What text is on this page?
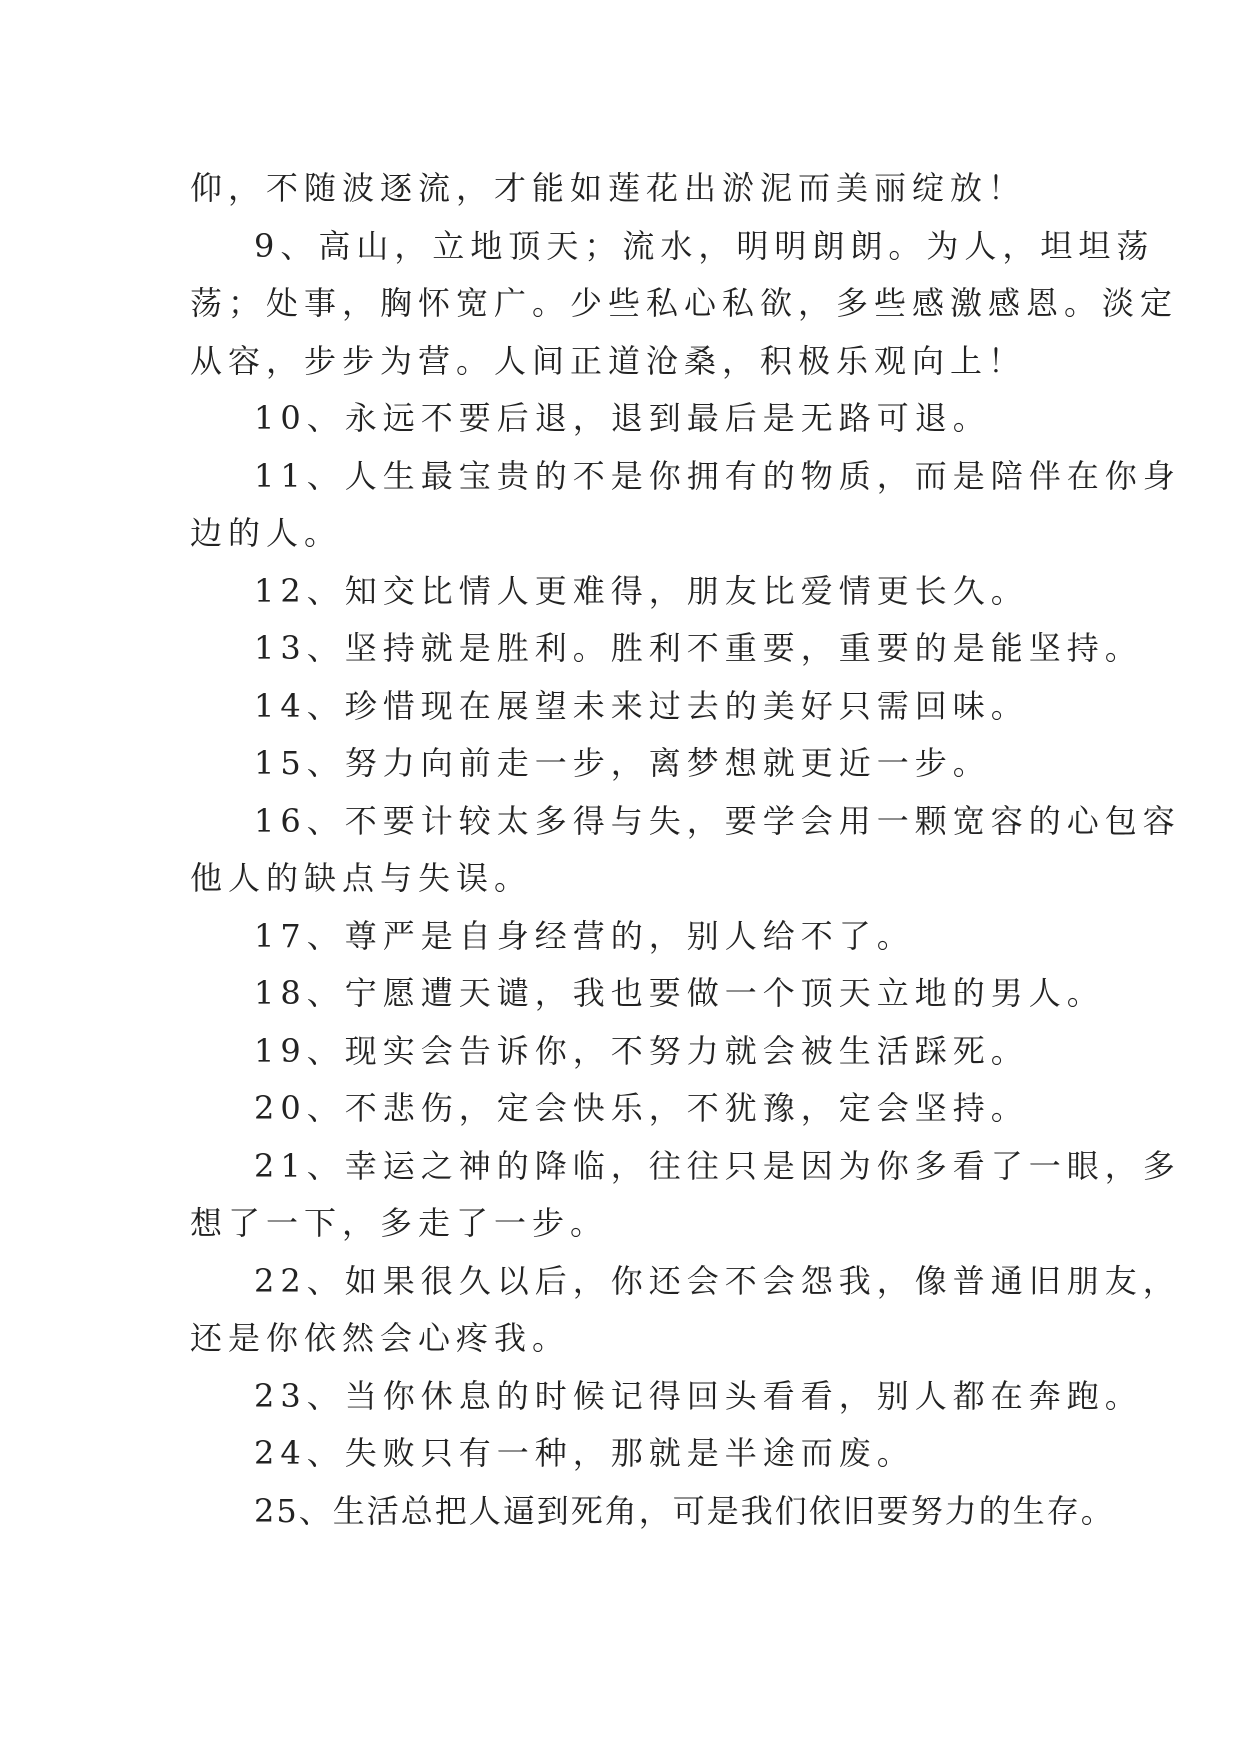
仰，不随波逐流，才能如莲花出淤泥而美丽绽放！
9、高山，立地顶天；流水，明明朗朗。为人，坦坦荡
荡；处事，胸怀宽广。少些私心私欲，多些感激感恩。淡定
从容，步步为营。人间正道沧桑，积极乐观向上！
10、永远不要后退，退到最后是无路可退。
11、人生最宝贵的不是你拥有的物质，而是陪伴在你身
边的人。
12、知交比情人更难得，朋友比爱情更长久。
13、坚持就是胜利。胜利不重要，重要的是能坚持。
14、珍惜现在展望未来过去的美好只需回味。
15、努力向前走一步，离梦想就更近一步。
16、不要计较太多得与失，要学会用一颗宽容的心包容
他人的缺点与失误。
17、尊严是自身经营的，别人给不了。
18、宁愿遭天谴，我也要做一个顶天立地的男人。
19、现实会告诉你，不努力就会被生活踩死。
20、不悲伤，定会快乐，不犹豫，定会坚持。
21、幸运之神的降临，往往只是因为你多看了一眼，多
想了一下，多走了一步。
22、如果很久以后，你还会不会怨我，像普通旧朋友，
还是你依然会心疼我。
23、当你休息的时候记得回头看看，别人都在奔跑。
24、失败只有一种，那就是半途而废。
25、生活总把人逼到死角，可是我们依旧要努力的生存。
